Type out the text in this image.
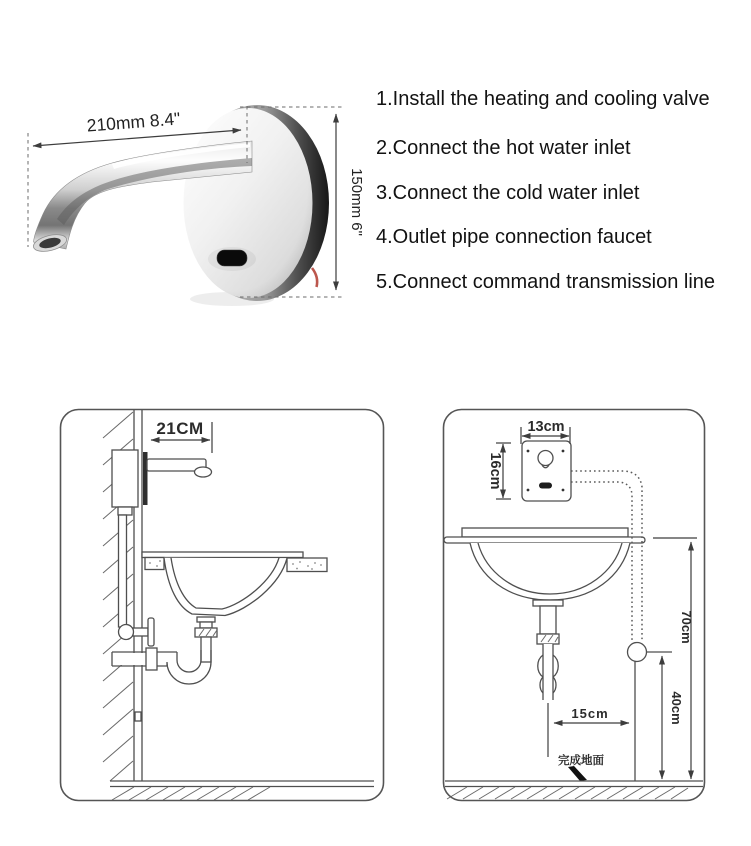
210mm 8.4"
150mm 6"
1.Install the heating and cooling valve
2.Connect the hot water inlet
3.Connect the cold water inlet
4.Outlet pipe connection faucet
5.Connect command transmission line
21CM	13cm
16cm
70cm
40cm
15cm
完成地面
